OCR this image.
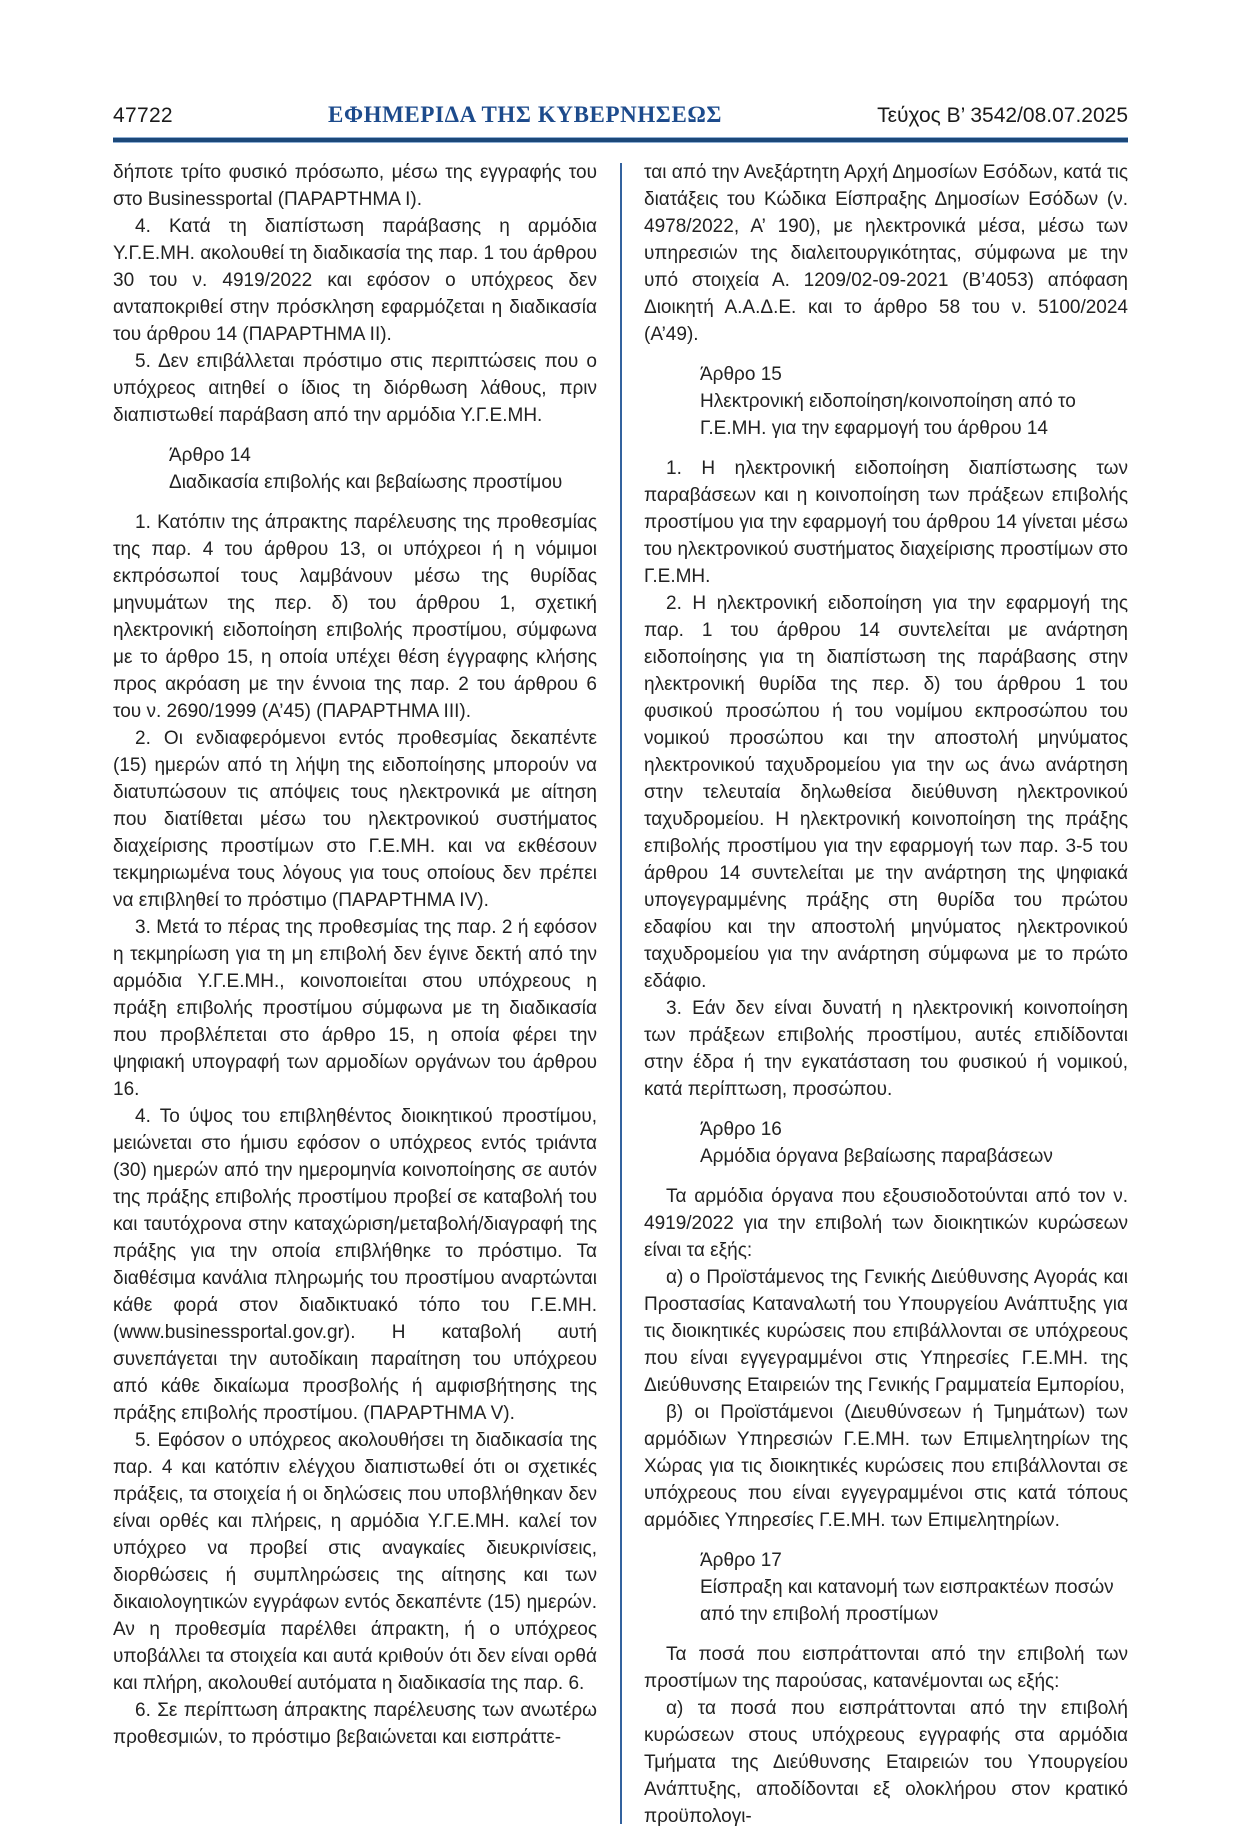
47722	ΕΦΗΜΕΡΙΔΑ ΤΗΣ ΚΥΒΕΡΝΗΣΕΩΣ	Τεύχος Β’ 3542/08.07.2025

δήποτε τρίτο φυσικό πρόσωπο, μέσω της εγγραφής του στο Businessportal (ΠΑΡΑΡΤΗΜΑ Ι).

4. Κατά τη διαπίστωση παράβασης η αρμόδια Υ.Γ.Ε.ΜΗ. ακολουθεί τη διαδικασία της παρ. 1 του άρθρου 30 του ν. 4919/2022 και εφόσον ο υπόχρεος δεν ανταποκριθεί στην πρόσκληση εφαρμόζεται η διαδικασία του άρθρου 14 (ΠΑΡΑΡΤΗΜΑ ΙΙ).

5. Δεν επιβάλλεται πρόστιμο στις περιπτώσεις που ο υπόχρεος αιτηθεί ο ίδιος τη διόρθωση λάθους, πριν διαπιστωθεί παράβαση από την αρμόδια Υ.Γ.Ε.ΜΗ.

Άρθρο 14
Διαδικασία επιβολής και βεβαίωσης προστίμου

1. Κατόπιν της άπρακτης παρέλευσης της προθεσμίας της παρ. 4 του άρθρου 13, οι υπόχρεοι ή η νόμιμοι εκπρόσωποί τους λαμβάνουν μέσω της θυρίδας μηνυμάτων της περ. δ) του άρθρου 1, σχετική ηλεκτρονική ειδοποίηση επιβολής προστίμου, σύμφωνα με το άρθρο 15, η οποία υπέχει θέση έγγραφης κλήσης προς ακρόαση με την έννοια της παρ. 2 του άρθρου 6 του ν. 2690/1999 (Α’45) (ΠΑΡΑΡΤΗΜΑ ΙΙΙ).

2. Οι ενδιαφερόμενοι εντός προθεσμίας δεκαπέντε (15) ημερών από τη λήψη της ειδοποίησης μπορούν να διατυπώσουν τις απόψεις τους ηλεκτρονικά με αίτηση που διατίθεται μέσω του ηλεκτρονικού συστήματος διαχείρισης προστίμων στο Γ.Ε.ΜΗ. και να εκθέσουν τεκμηριωμένα τους λόγους για τους οποίους δεν πρέπει να επιβληθεί το πρόστιμο (ΠΑΡΑΡΤΗΜΑ IV).

3. Μετά το πέρας της προθεσμίας της παρ. 2 ή εφόσον η τεκμηρίωση για τη μη επιβολή δεν έγινε δεκτή από την αρμόδια Υ.Γ.Ε.ΜΗ., κοινοποιείται στου υπόχρεους η πράξη επιβολής προστίμου σύμφωνα με τη διαδικασία που προβλέπεται στο άρθρο 15, η οποία φέρει την ψηφιακή υπογραφή των αρμοδίων οργάνων του άρθρου 16.

4. Το ύψος του επιβληθέντος διοικητικού προστίμου, μειώνεται στο ήμισυ εφόσον ο υπόχρεος εντός τριάντα (30) ημερών από την ημερομηνία κοινοποίησης σε αυτόν της πράξης επιβολής προστίμου προβεί σε καταβολή του και ταυτόχρονα στην καταχώριση/μεταβολή/διαγραφή της πράξης για την οποία επιβλήθηκε το πρόστιμο. Τα διαθέσιμα κανάλια πληρωμής του προστίμου αναρτώνται κάθε φορά στον διαδικτυακό τόπο του Γ.Ε.ΜΗ. (www.businessportal.gov.gr). Η καταβολή αυτή συνεπάγεται την αυτοδίκαιη παραίτηση του υπόχρεου από κάθε δικαίωμα προσβολής ή αμφισβήτησης της πράξης επιβολής προστίμου. (ΠΑΡΑΡΤΗΜΑ V).

5. Εφόσον ο υπόχρεος ακολουθήσει τη διαδικασία της παρ. 4 και κατόπιν ελέγχου διαπιστωθεί ότι οι σχετικές πράξεις, τα στοιχεία ή οι δηλώσεις που υποβλήθηκαν δεν είναι ορθές και πλήρεις, η αρμόδια Υ.Γ.Ε.ΜΗ. καλεί τον υπόχρεο να προβεί στις αναγκαίες διευκρινίσεις, διορθώσεις ή συμπληρώσεις της αίτησης και των δικαιολογητικών εγγράφων εντός δεκαπέντε (15) ημερών. Αν η προθεσμία παρέλθει άπρακτη, ή ο υπόχρεος υποβάλλει τα στοιχεία και αυτά κριθούν ότι δεν είναι ορθά και πλήρη, ακολουθεί αυτόματα η διαδικασία της παρ. 6.

6. Σε περίπτωση άπρακτης παρέλευσης των ανωτέρω προθεσμιών, το πρόστιμο βεβαιώνεται και εισπράττε-

ται από την Ανεξάρτητη Αρχή Δημοσίων Εσόδων, κατά τις διατάξεις του Κώδικα Είσπραξης Δημοσίων Εσόδων (ν. 4978/2022, Α’ 190), με ηλεκτρονικά μέσα, μέσω των υπηρεσιών της διαλειτουργικότητας, σύμφωνα με την υπό στοιχεία Α. 1209/02-09-2021 (Β’4053) απόφαση Διοικητή Α.Α.Δ.Ε. και το άρθρο 58 του ν. 5100/2024 (Α’49).

Άρθρο 15
Ηλεκτρονική ειδοποίηση/κοινοποίηση από το
Γ.Ε.ΜΗ. για την εφαρμογή του άρθρου 14

1. Η ηλεκτρονική ειδοποίηση διαπίστωσης των παραβάσεων και η κοινοποίηση των πράξεων επιβολής προστίμου για την εφαρμογή του άρθρου 14 γίνεται μέσω του ηλεκτρονικού συστήματος διαχείρισης προστίμων στο Γ.Ε.ΜΗ.

2. Η ηλεκτρονική ειδοποίηση για την εφαρμογή της παρ. 1 του άρθρου 14 συντελείται με ανάρτηση ειδοποίησης για τη διαπίστωση της παράβασης στην ηλεκτρονική θυρίδα της περ. δ) του άρθρου 1 του φυσικού προσώπου ή του νομίμου εκπροσώπου του νομικού προσώπου και την αποστολή μηνύματος ηλεκτρονικού ταχυδρομείου για την ως άνω ανάρτηση στην τελευταία δηλωθείσα διεύθυνση ηλεκτρονικού ταχυδρομείου. Η ηλεκτρονική κοινοποίηση της πράξης επιβολής προστίμου για την εφαρμογή των παρ. 3-5 του άρθρου 14 συντελείται με την ανάρτηση της ψηφιακά υπογεγραμμένης πράξης στη θυρίδα του πρώτου εδαφίου και την αποστολή μηνύματος ηλεκτρονικού ταχυδρομείου για την ανάρτηση σύμφωνα με το πρώτο εδάφιο.

3. Εάν δεν είναι δυνατή η ηλεκτρονική κοινοποίηση των πράξεων επιβολής προστίμου, αυτές επιδίδονται στην έδρα ή την εγκατάσταση του φυσικού ή νομικού, κατά περίπτωση, προσώπου.

Άρθρο 16
Αρμόδια όργανα βεβαίωσης παραβάσεων

Τα αρμόδια όργανα που εξουσιοδοτούνται από τον ν. 4919/2022 για την επιβολή των διοικητικών κυρώσεων είναι τα εξής:

α) ο Προϊστάμενος της Γενικής Διεύθυνσης Αγοράς και Προστασίας Καταναλωτή του Υπουργείου Ανάπτυξης για τις διοικητικές κυρώσεις που επιβάλλονται σε υπόχρεους που είναι εγγεγραμμένοι στις Υπηρεσίες Γ.Ε.ΜΗ. της Διεύθυνσης Εταιρειών της Γενικής Γραμματεία Εμπορίου,

β) οι Προϊστάμενοι (Διευθύνσεων ή Τμημάτων) των αρμόδιων Υπηρεσιών Γ.Ε.ΜΗ. των Επιμελητηρίων της Χώρας για τις διοικητικές κυρώσεις που επιβάλλονται σε υπόχρεους που είναι εγγεγραμμένοι στις κατά τόπους αρμόδιες Υπηρεσίες Γ.Ε.ΜΗ. των Επιμελητηρίων.

Άρθρο 17
Είσπραξη και κατανομή των εισπρακτέων ποσών
από την επιβολή προστίμων

Τα ποσά που εισπράττονται από την επιβολή των προστίμων της παρούσας, κατανέμονται ως εξής:

α) τα ποσά που εισπράττονται από την επιβολή κυρώσεων στους υπόχρεους εγγραφής στα αρμόδια Τμήματα της Διεύθυνσης Εταιρειών του Υπουργείου Ανάπτυξης, αποδίδονται εξ ολοκλήρου στον κρατικό προϋπολογι-
